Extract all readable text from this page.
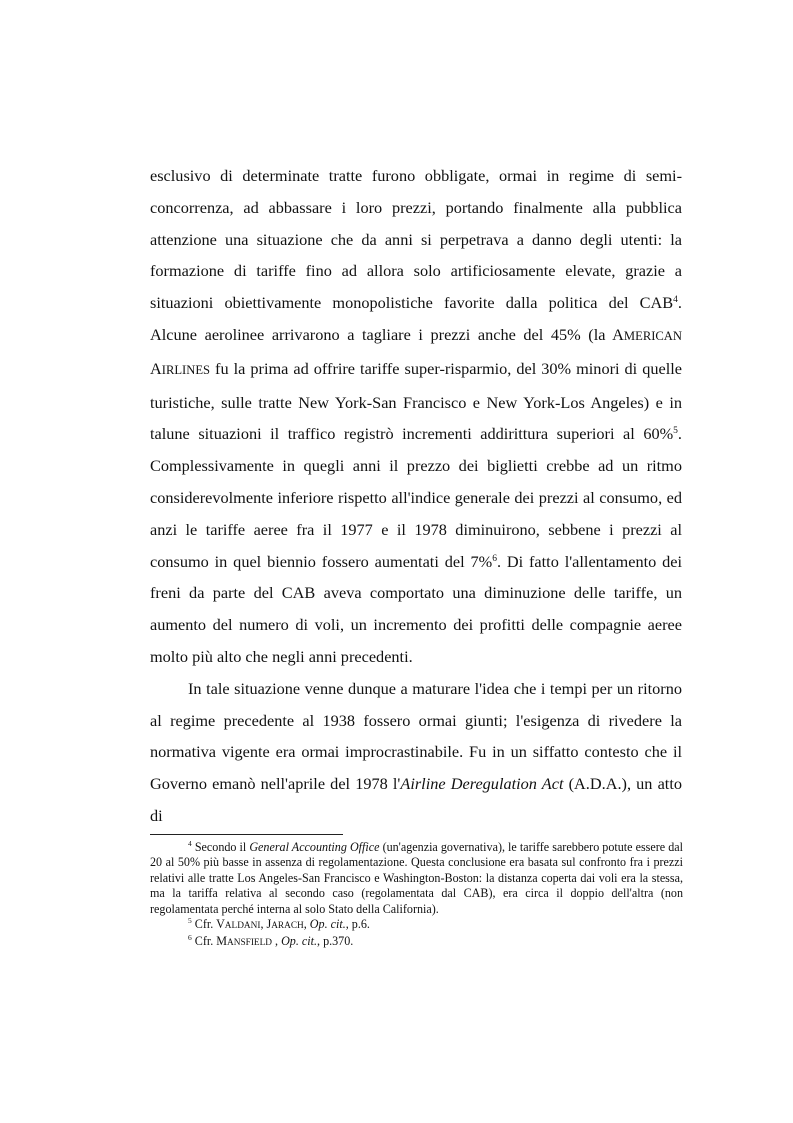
esclusivo di determinate tratte furono obbligate, ormai in regime di semi-concorrenza, ad abbassare i loro prezzi, portando finalmente alla pubblica attenzione una situazione che da anni si perpetrava a danno degli utenti: la formazione di tariffe fino ad allora solo artificiosamente elevate, grazie a situazioni obiettivamente monopolistiche favorite dalla politica del CAB$^4$. Alcune aerolinee arrivarono a tagliare i prezzi anche del 45% (la AMERICAN AIRLINES fu la prima ad offrire tariffe super-risparmio, del 30% minori di quelle turistiche, sulle tratte New York-San Francisco e New York-Los Angeles) e in talune situazioni il traffico registrò incrementi addirittura superiori al 60%$^5$. Complessivamente in quegli anni il prezzo dei biglietti crebbe ad un ritmo considerevolmente inferiore rispetto all'indice generale dei prezzi al consumo, ed anzi le tariffe aeree fra il 1977 e il 1978 diminuirono, sebbene i prezzi al consumo in quel biennio fossero aumentati del 7%$^6$. Di fatto l'allentamento dei freni da parte del CAB aveva comportato una diminuzione delle tariffe, un aumento del numero di voli, un incremento dei profitti delle compagnie aeree molto più alto che negli anni precedenti.

In tale situazione venne dunque a maturare l'idea che i tempi per un ritorno al regime precedente al 1938 fossero ormai giunti; l'esigenza di rivedere la normativa vigente era ormai improcrastinabile. Fu in un siffatto contesto che il Governo emanò nell'aprile del 1978 l'Airline Deregulation Act (A.D.A.), un atto di

$^4$ Secondo il General Accounting Office (un'agenzia governativa), le tariffe sarebbero potute essere dal 20 al 50% più basse in assenza di regolamentazione. Questa conclusione era basata sul confronto fra i prezzi relativi alle tratte Los Angeles-San Francisco e Washington-Boston: la distanza coperta dai voli era la stessa, ma la tariffa relativa al secondo caso (regolamentata dal CAB), era circa il doppio dell'altra (non regolamentata perché interna al solo Stato della California).

$^5$ Cfr. VALDANI, JARACH, Op. cit., p.6.

$^6$ Cfr. MANSFIELD , Op. cit., p.370.
